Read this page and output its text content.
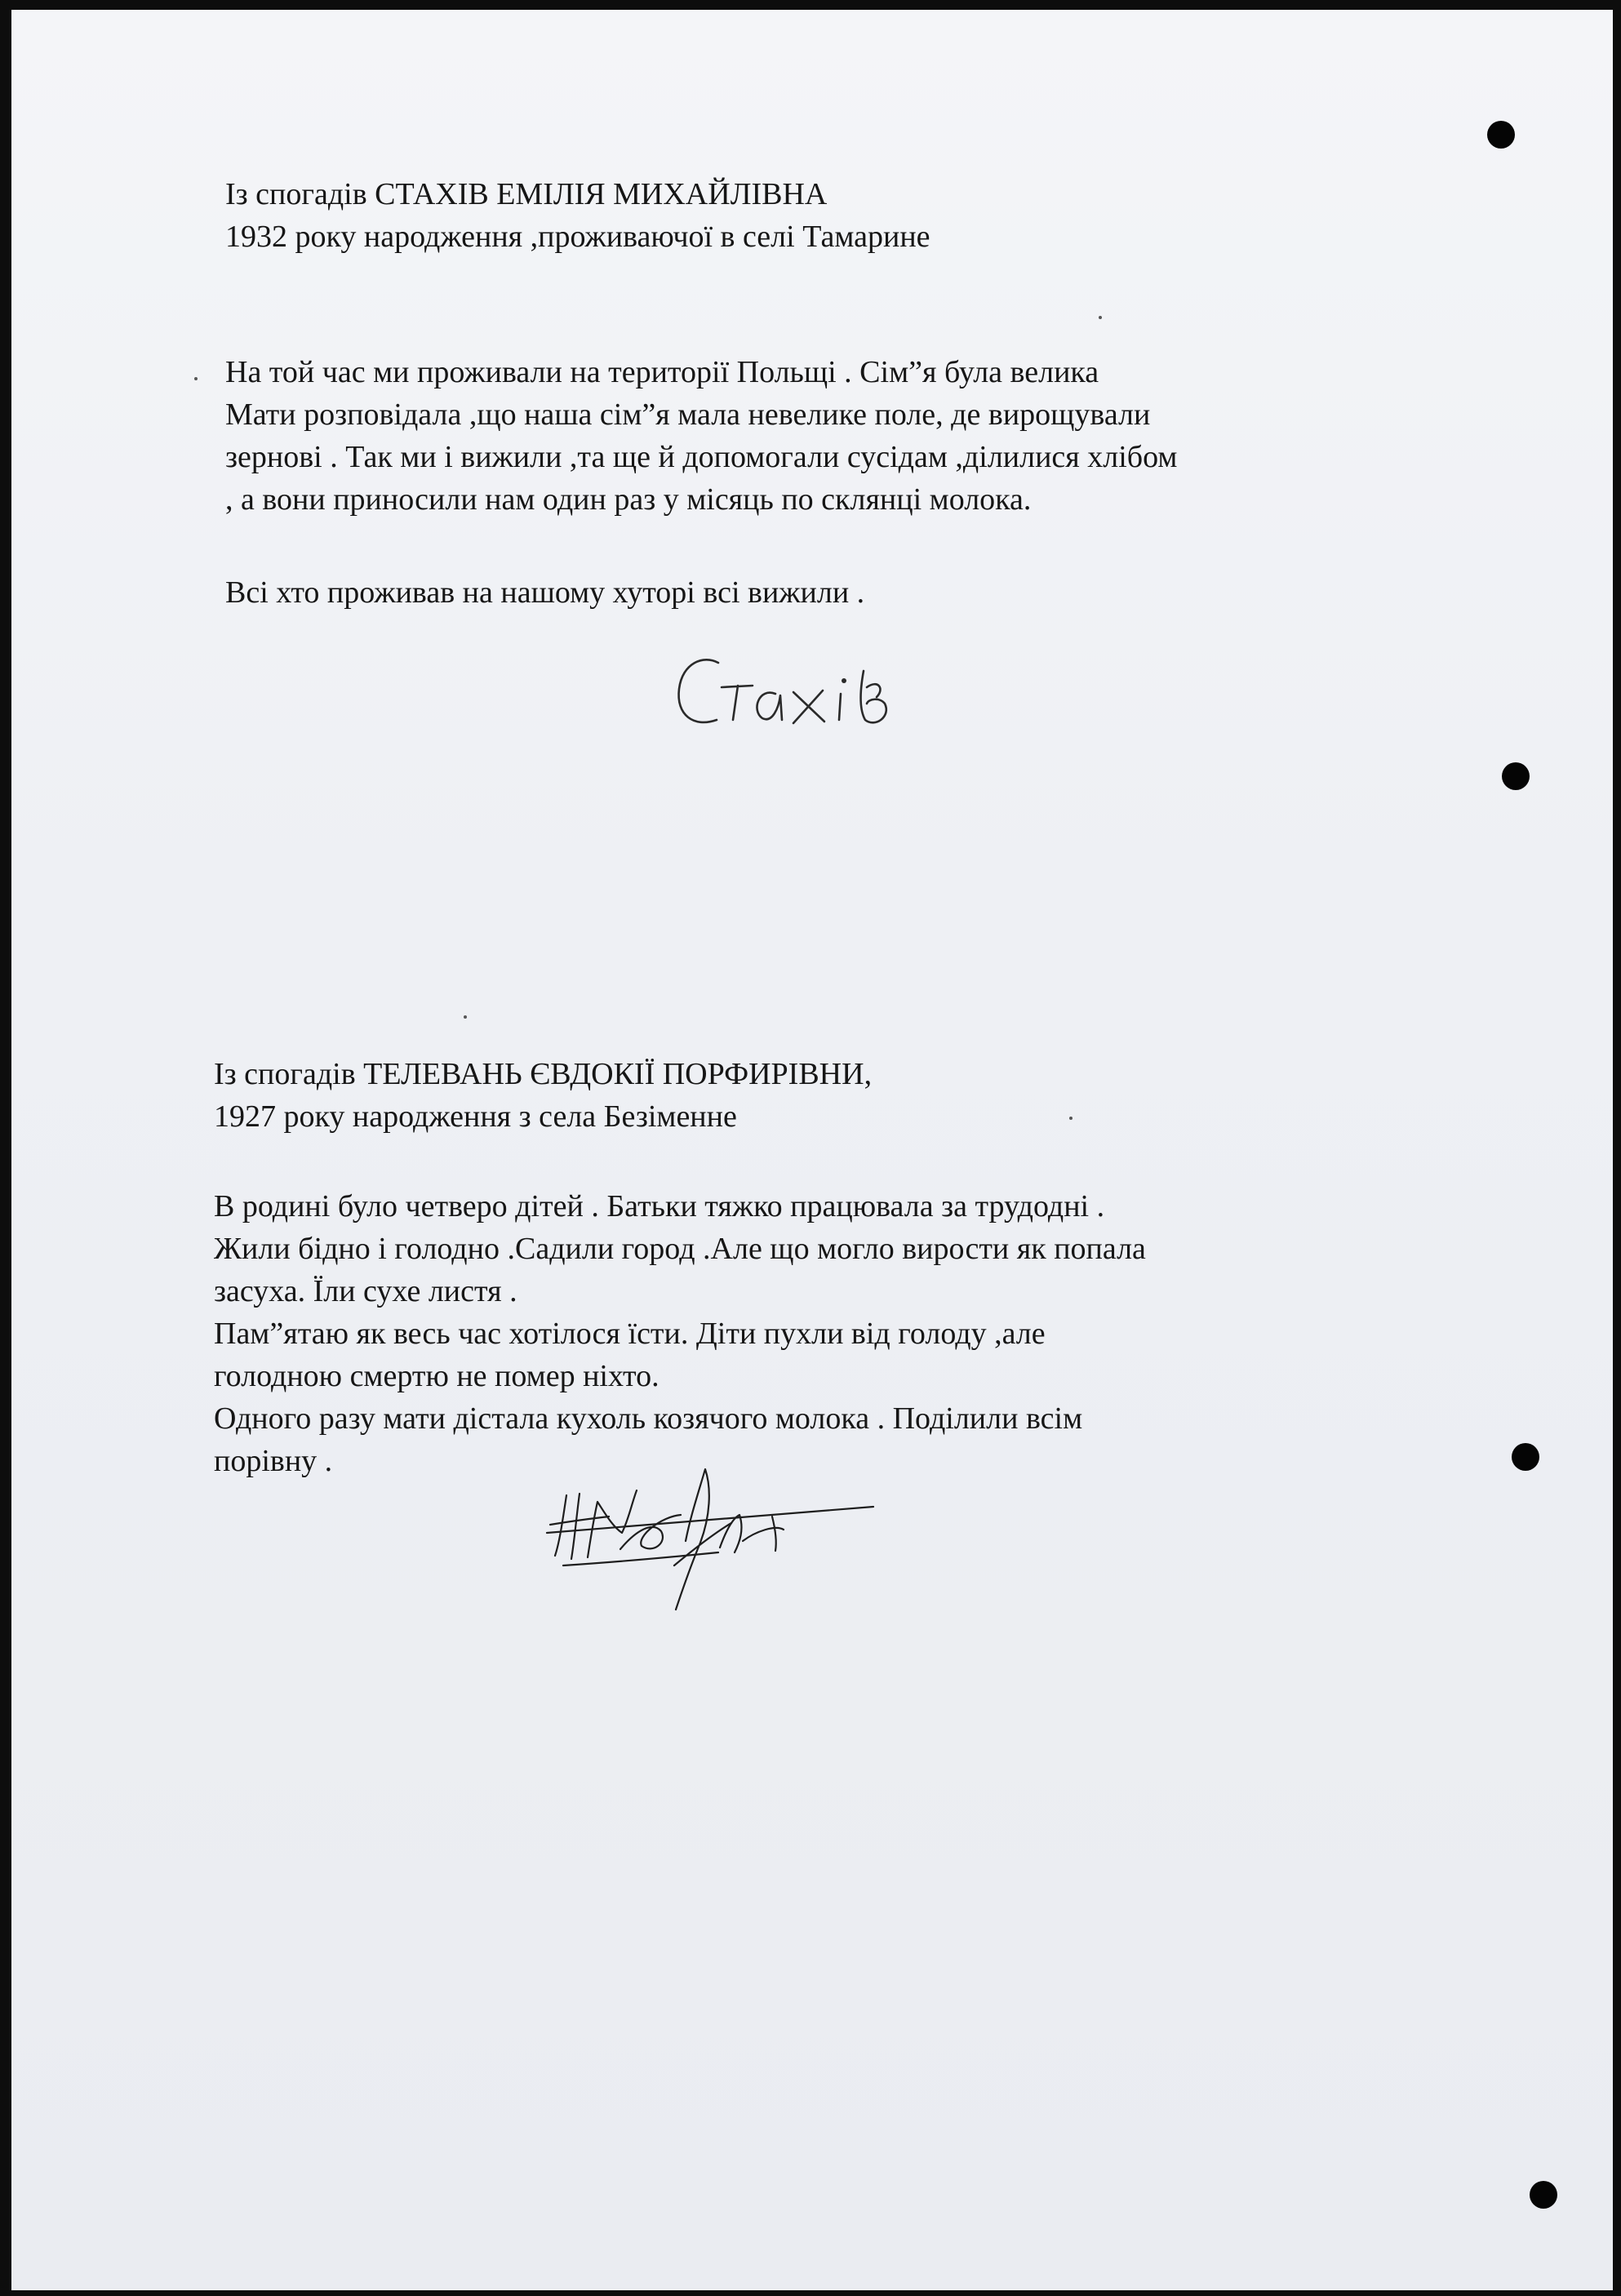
Із спогадів СТАХІВ ЕМІЛІЯ МИХАЙЛІВНА
1932 року народження ,проживаючої в селі Тамарине
На той час ми проживали на території Польщі . Сім”я була велика
Мати розповідала ,що наша сім”я мала невелике поле, де вирощували
зернові . Так ми і вижили ,та ще й допомогали сусідам ,ділилися хлібом
, а вони приносили нам один раз у місяць по склянці молока.
Всі хто проживав на нашому хуторі всі вижили .
Із спогадів ТЕЛЕВАНЬ ЄВДОКІЇ ПОРФИРІВНИ,
1927 року народження з села Безіменне
В родині було четверо дітей . Батьки тяжко працювала за трудодні .
Жили бідно і голодно .Садили город .Але що могло вирости як попала
засуха. Їли сухе листя .
Пам”ятаю як весь час хотілося їсти. Діти пухли від голоду ,але
голодною смертю не помер ніхто.
Одного разу мати дістала кухоль козячого молока . Поділили всім
порівну .
